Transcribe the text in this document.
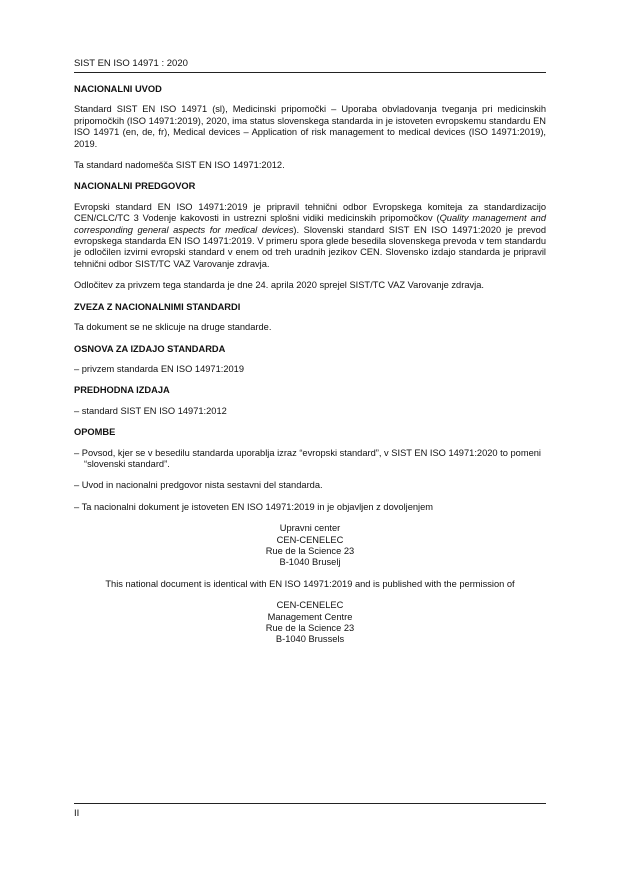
SIST EN ISO 14971 : 2020
NACIONALNI UVOD

Standard SIST EN ISO 14971 (sl), Medicinski pripomočki – Uporaba obvladovanja tveganja pri medicinskih pripomočkih (ISO 14971:2019), 2020, ima status slovenskega standarda in je istoveten evropskemu standardu EN ISO 14971 (en, de, fr), Medical devices – Application of risk management to medical devices (ISO 14971:2019), 2019.

Ta standard nadomešča SIST EN ISO 14971:2012.

NACIONALNI PREDGOVOR

Evropski standard EN ISO 14971:2019 je pripravil tehnični odbor Evropskega komiteja za standardizacijo CEN/CLC/TC 3 Vodenje kakovosti in ustrezni splošni vidiki medicinskih pripomočkov (Quality management and corresponding general aspects for medical devices). Slovenski standard SIST EN ISO 14971:2020 je prevod evropskega standarda EN ISO 14971:2019. V primeru spora glede besedila slovenskega prevoda v tem standardu je odločilen izvirni evropski standard v enem od treh uradnih jezikov CEN. Slovensko izdajo standarda je pripravil tehnični odbor SIST/TC VAZ Varovanje zdravja.

Odločitev za privzem tega standarda je dne 24. aprila 2020 sprejel SIST/TC VAZ Varovanje zdravja.

ZVEZA Z NACIONALNIMI STANDARDI

Ta dokument se ne sklicuje na druge standarde.

OSNOVA ZA IZDAJO STANDARDA

– privzem standarda EN ISO 14971:2019

PREDHODNA IZDAJA

– standard SIST EN ISO 14971:2012

OPOMBE
– Povsod, kjer se v besedilu standarda uporablja izraz “evropski standard”, v SIST EN ISO 14971:2020 to pomeni “slovenski standard”.
– Uvod in nacionalni predgovor nista sestavni del standarda.
– Ta nacionalni dokument je istoveten EN ISO 14971:2019 in je objavljen z dovoljenjem
Upravni center
CEN-CENELEC
Rue de la Science 23
B-1040 Bruselj

This national document is identical with EN ISO 14971:2019 and is published with the permission of

CEN-CENELEC
Management Centre
Rue de la Science 23
B-1040 Brussels
II
